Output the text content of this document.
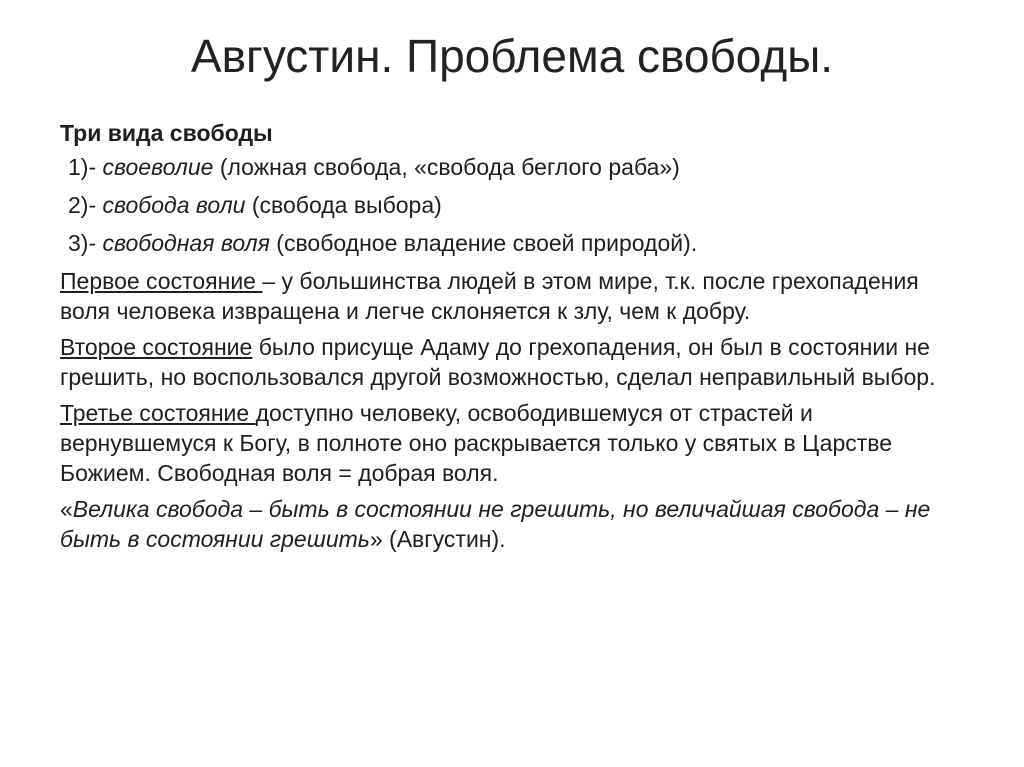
Августин. Проблема свободы.
Три вида свободы
1)- своеволие (ложная свобода, «свобода беглого раба»)
2)- свобода воли (свобода выбора)
3)- свободная воля (свободное владение своей природой).
Первое состояние – у большинства людей в этом мире, т.к. после грехопадения воля человека извращена и легче склоняется к злу, чем к добру.
Второе состояние было присуще Адаму до грехопадения, он был в состоянии не грешить, но воспользовался другой возможностью, сделал неправильный выбор.
Третье состояние доступно человеку, освободившемуся от страстей и вернувшемуся к Богу, в полноте оно раскрывается только у святых в Царстве Божием. Свободная воля = добрая воля.
«Велика свобода – быть в состоянии не грешить, но величайшая свобода – не быть в состоянии грешить» (Августин).
